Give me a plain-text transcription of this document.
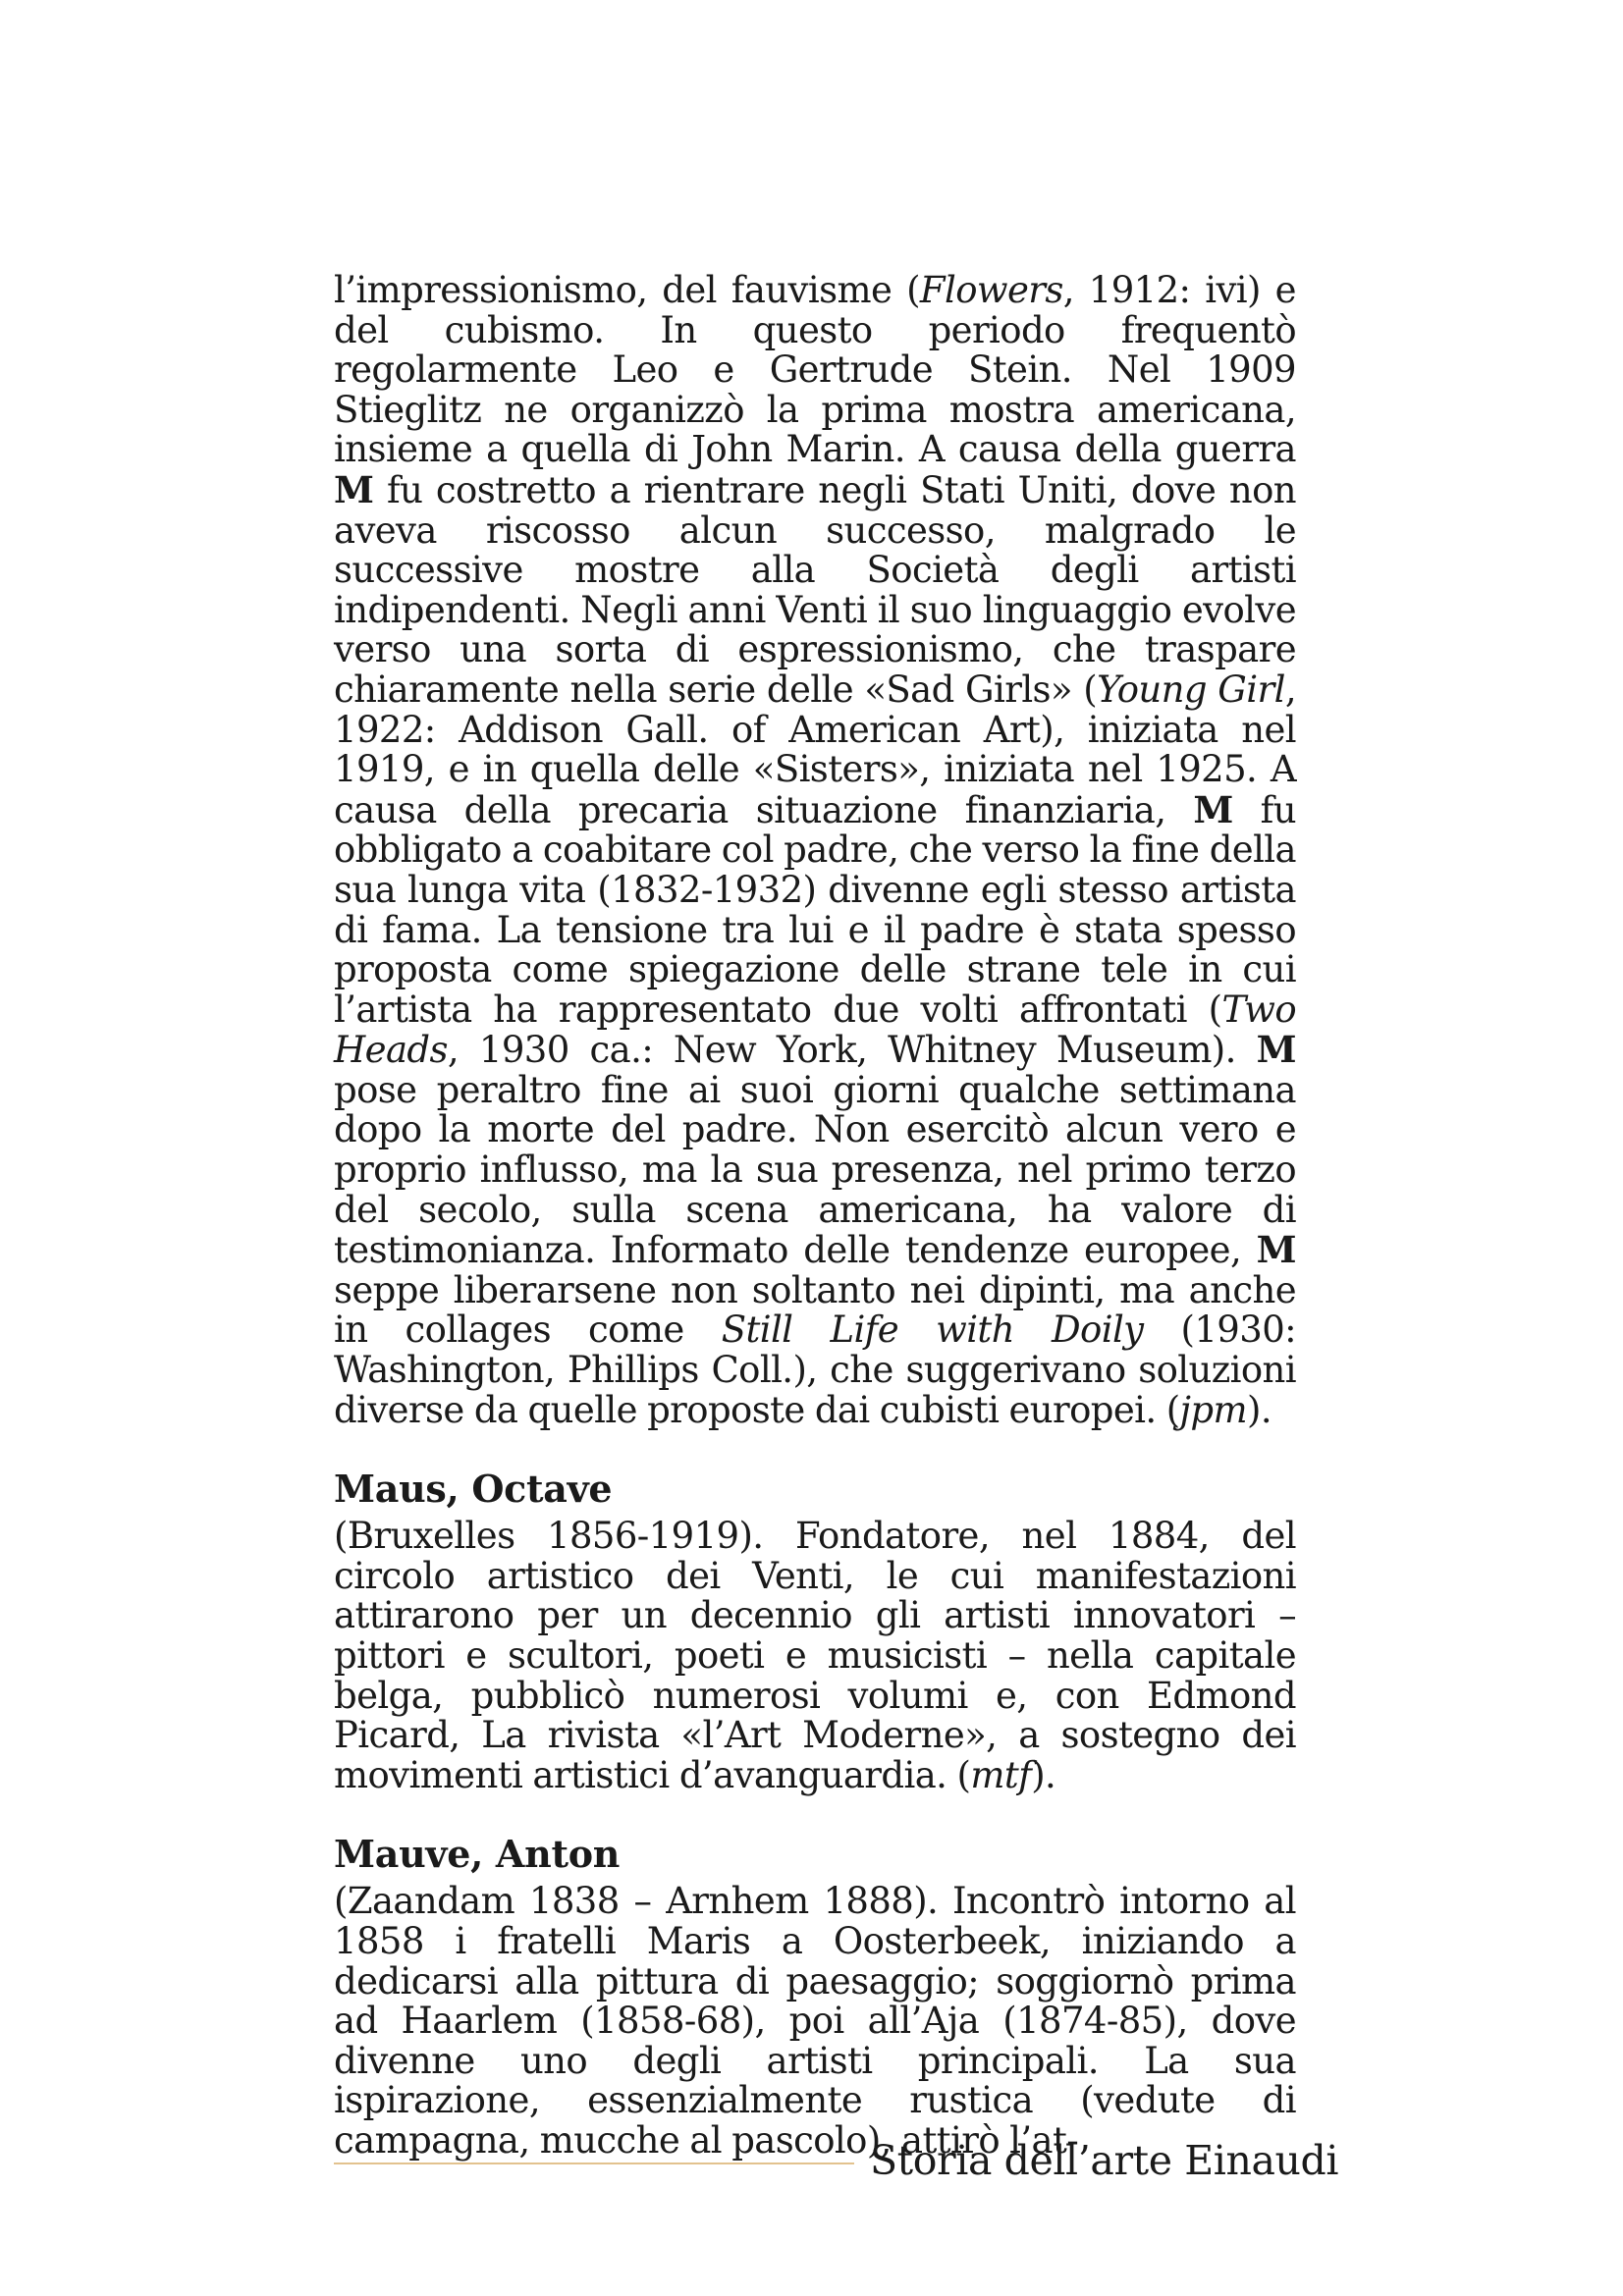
l’impressionismo, del fauvisme (Flowers, 1912: ivi) e del cubismo. In questo periodo frequentò regolarmente Leo e Gertrude Stein. Nel 1909 Stieglitz ne organizzò la prima mostra americana, insieme a quella di John Marin. A causa della guerra M fu costretto a rientrare negli Stati Uniti, dove non aveva riscosso alcun successo, malgrado le successive mostre alla Società degli artisti indipendenti. Negli anni Venti il suo linguaggio evolve verso una sorta di espressionismo, che traspare chiaramente nella serie delle «Sad Girls» (Young Girl, 1922: Addison Gall. of American Art), iniziata nel 1919, e in quella delle «Sisters», iniziata nel 1925. A causa della precaria situazione finanziaria, M fu obbligato a coabitare col padre, che verso la fine della sua lunga vita (1832-1932) divenne egli stesso artista di fama. La tensione tra lui e il padre è stata spesso proposta come spiegazione delle strane tele in cui l’artista ha rappresentato due volti affrontati (Two Heads, 1930 ca.: New York, Whitney Museum). M pose peraltro fine ai suoi giorni qualche settimana dopo la morte del padre. Non esercitò alcun vero e proprio influsso, ma la sua presenza, nel primo terzo del secolo, sulla scena americana, ha valore di testimonianza. Informato delle tendenze europee, M seppe liberarsene non soltanto nei dipinti, ma anche in collages come Still Life with Doily (1930: Washington, Phillips Coll.), che suggerivano soluzioni diverse da quelle proposte dai cubisti europei. (jpm).

Maus, Octave

(Bruxelles 1856-1919). Fondatore, nel 1884, del circolo artistico dei Venti, le cui manifestazioni attirarono per un decennio gli artisti innovatori – pittori e scultori, poeti e musicisti – nella capitale belga, pubblicò numerosi volumi e, con Edmond Picard, La rivista «l’Art Moderne», a sostegno dei movimenti artistici d’avanguardia. (mtf).

Mauve, Anton

(Zaandam 1838 – Arnhem 1888). Incontrò intorno al 1858 i fratelli Maris a Oosterbeek, iniziando a dedicarsi alla pittura di paesaggio; soggiornò prima ad Haarlem (1858-68), poi all’Aja (1874-85), dove divenne uno degli artisti principali. La sua ispirazione, essenzialmente rustica (vedute di campagna, mucche al pascolo), attirò l’at-

Storia dell’arte Einaudi
